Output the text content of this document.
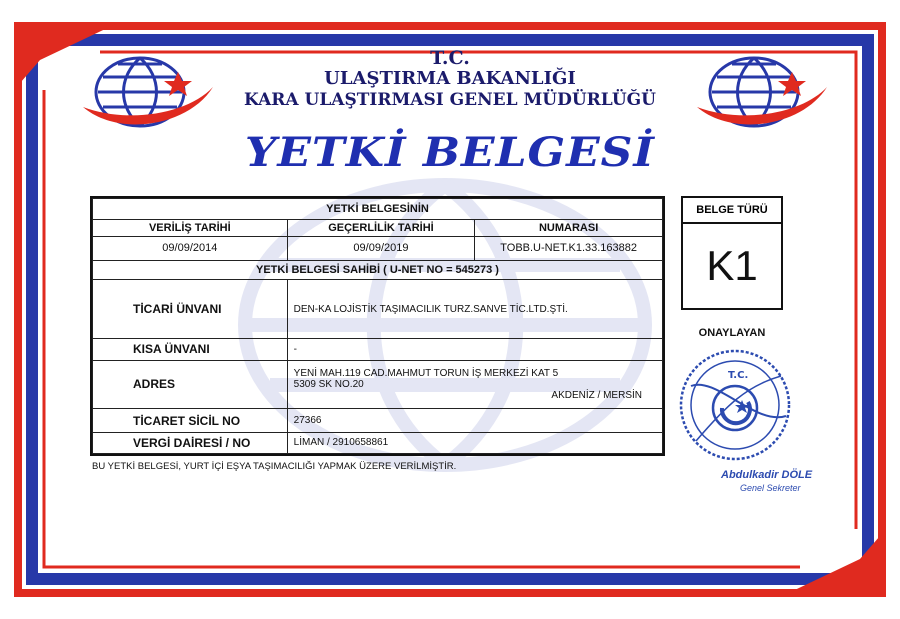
T.C.
ULAŞTIRMA BAKANLIĞI
KARA ULAŞTIRMASI GENEL MÜDÜRLÜĞÜ
YETKİ BELGESİ
YETKİ BELGESİNİN		
VERİLİŞ TARİHİ	GEÇERLİLİK TARİHİ	NUMARASI
09/09/2014	09/09/2019	TOBB.U-NET.K1.33.163882
YETKİ BELGESİ SAHİBİ ( U-NET NO = 545273 )		
TİCARİ ÜNVANI	DEN-KA LOJİSTİK TAŞIMACILIK TURZ.SANVE TİC.LTD.ŞTİ.	
KISA ÜNVANI	-	
ADRES	YENİ MAH.119 CAD.MAHMUT TORUN İŞ MERKEZİ KAT 5
5309 SK NO.20
AKDENİZ / MERSİN	

TİCARET SİCİL NO	27366	
VERGİ DAİRESİ / NO	LİMAN / 2910658861	
BELGE TÜRÜ
K1
ONAYLAYAN
T.C.
Abdulkadir DÖLE
Genel Sekreter
BU YETKİ BELGESİ, YURT İÇİ EŞYA TAŞIMACILIĞI YAPMAK ÜZERE VERİLMİŞTİR.
